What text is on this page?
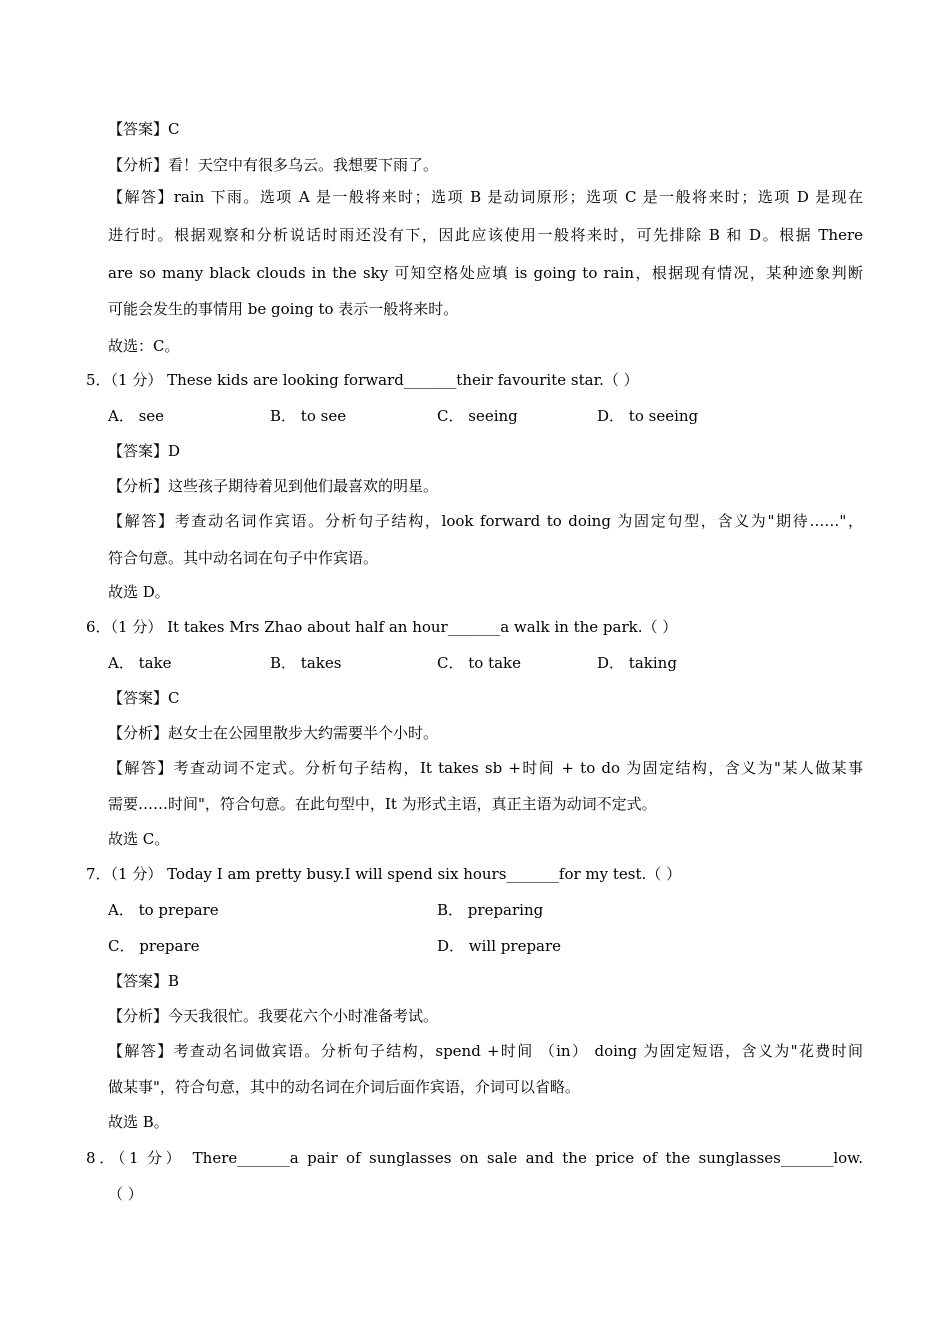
【答案】C
【分析】看！天空中有很多乌云。我想要下雨了。
【解答】rain 下雨。选项 A 是一般将来时；选项 B 是动词原形；选项 C 是一般将来时；选项 D 是现在
进行时。根据观察和分析说话时雨还没有下，因此应该使用一般将来时，可先排除 B 和 D。根据 There
are so many black clouds in the sky 可知空格处应填 is going to rain，根据现有情况，某种迹象判断
可能会发生的事情用 be going to 表示一般将来时。
故选：C。
5．（1 分） These kids are looking forward_______their favourite star.（ ）
A． see	B． to see	C． seeing	D． to seeing
【答案】D
【分析】这些孩子期待着见到他们最喜欢的明星。
【解答】考查动名词作宾语。分析句子结构，look forward to doing 为固定句型，含义为"期待……"，
符合句意。其中动名词在句子中作宾语。
故选 D。
6．（1 分） It takes Mrs Zhao about half an hour_______a walk in the park.（ ）
A． take	B． takes	C． to take	D． taking
【答案】C
【分析】赵女士在公园里散步大约需要半个小时。
【解答】考查动词不定式。分析句子结构，It takes sb +时间 + to do 为固定结构，含义为"某人做某事
需要……时间"，符合句意。在此句型中，It 为形式主语，真正主语为动词不定式。
故选 C。
7．（1 分） Today I am pretty busy.I will spend six hours_______for my test.（ ）
A． to prepare	B． preparing
C． prepare	D． will prepare
【答案】B
【分析】今天我很忙。我要花六个小时准备考试。
【解答】考查动名词做宾语。分析句子结构，spend +时间 （in） doing 为固定短语，含义为"花费时间
做某事"，符合句意，其中的动名词在介词后面作宾语，介词可以省略。
故选 B。
8．（1 分） There_______a pair of sunglasses on sale and the price of the sunglasses_______low.
（ ）
